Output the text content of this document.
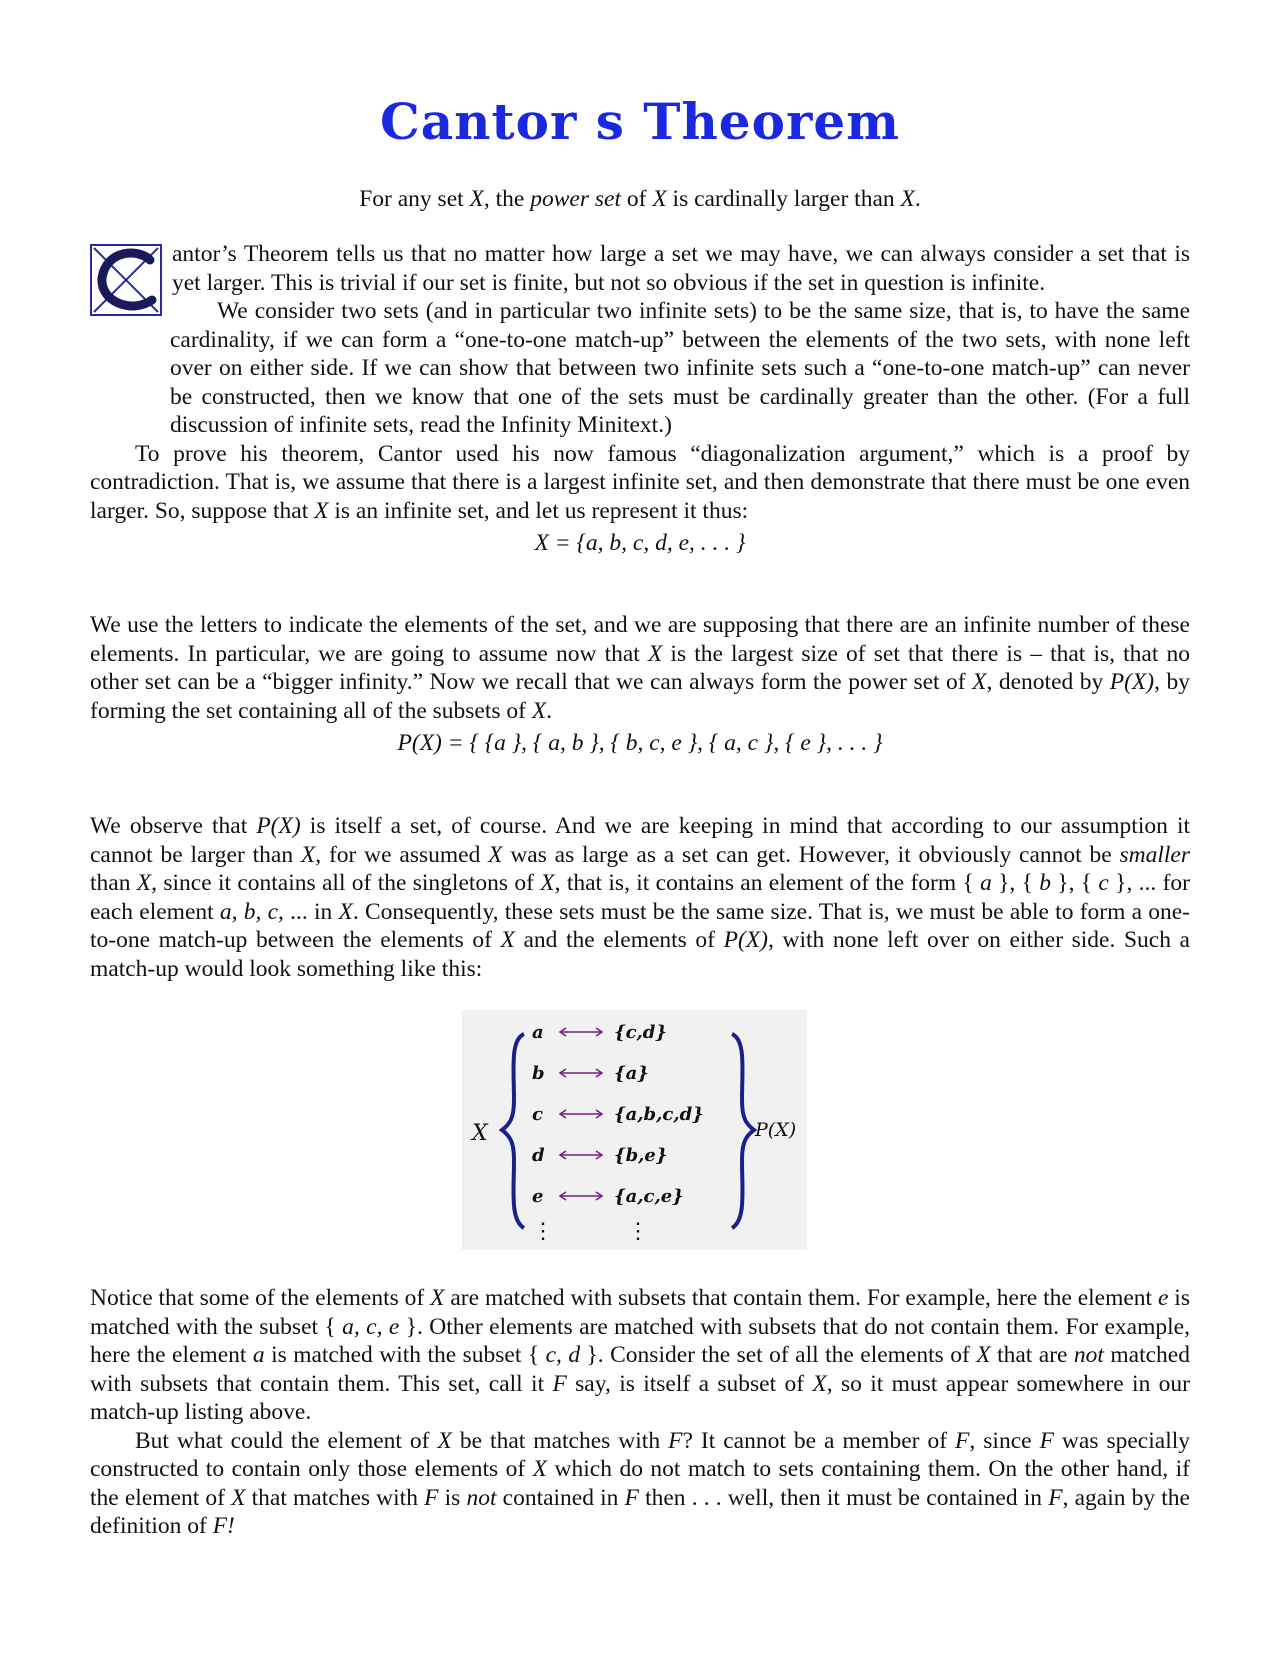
Cantor s Theorem
For any set X, the power set of X is cardinally larger than X.
C	antor’s Theorem tells us that no matter how large a set we may have, we can always consider a set that is yet larger. This is trivial if our set is finite, but not so obvious if the set in question is infinite.

We consider two sets (and in particular two infinite sets) to be the same size, that is, to have the same cardinality, if we can form a “one-to-one match-up” between the elements of the two sets, with none left over on either side. If we can show that between two infinite sets such a “one-to-one match-up” can never be constructed, then we know that one of the sets must be cardinally greater than the other. (For a full discussion of infinite sets, read the Infinity Minitext.)

To prove his theorem, Cantor used his now famous “diagonalization argument,” which is a proof by contradiction. That is, we assume that there is a largest infinite set, and then demonstrate that there must be one even larger. So, suppose that X is an infinite set, and let us represent it thus:

X = {a, b, c, d, e, . . . }
We use the letters to indicate the elements of the set, and we are supposing that there are an infinite number of these elements. In particular, we are going to assume now that X is the largest size of set that there is – that is, that no other set can be a “bigger infinity.” Now we recall that we can always form the power set of X, denoted by P(X), by forming the set containing all of the subsets of X.
P(X) = { {a }, { a, b }, { b, c, e }, { a, c }, { e }, . . . }
We observe that P(X) is itself a set, of course. And we are keeping in mind that according to our assumption it cannot be larger than X, for we assumed X was as large as a set can get. However, it obviously cannot be smaller than X, since it contains all of the singletons of X, that is, it contains an element of the form { a }, { b }, { c }, ... for each element a, b, c, ... in X. Consequently, these sets must be the same size. That is, we must be able to form a one-to-one match-up between the elements of X and the elements of P(X), with none left over on either side. Such a match-up would look something like this:
X	P(X)
a	{c,d}
b	{a}
c	{a,b,c,d}
d	{b,e}
e	{a,c,e}
⋮	⋮

Notice that some of the elements of X are matched with subsets that contain them. For example, here the element e is matched with the subset { a, c, e }. Other elements are matched with subsets that do not contain them. For example, here the element a is matched with the subset { c, d }. Consider the set of all the elements of X that are not matched with subsets that contain them. This set, call it F say, is itself a subset of X, so it must appear somewhere in our match-up listing above.

But what could the element of X be that matches with F? It cannot be a member of F, since F was specially constructed to contain only those elements of X which do not match to sets containing them. On the other hand, if the element of X that matches with F is not contained in F then . . . well, then it must be contained in F, again by the definition of F!
